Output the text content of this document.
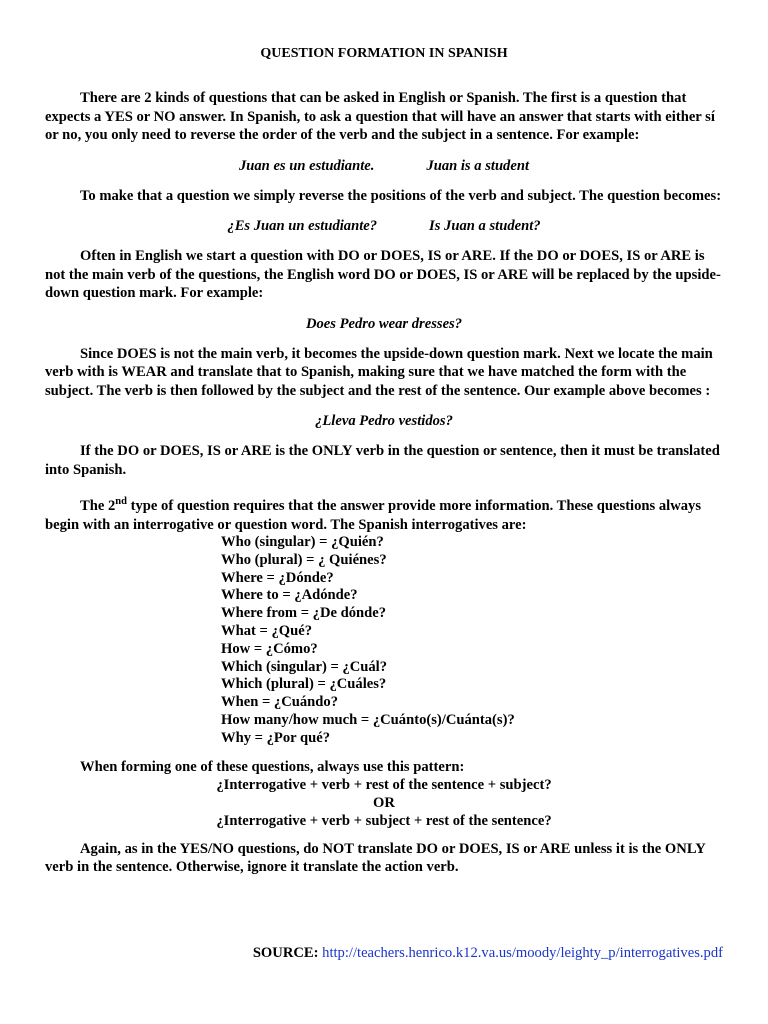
QUESTION FORMATION IN SPANISH

There are 2 kinds of questions that can be asked in English or Spanish. The first is a question that expects a YES or NO answer. In Spanish, to ask a question that will have an answer that starts with either sí or no, you only need to reverse the order of the verb and the subject in a sentence. For example:

Juan es un estudiante.	Juan is a student

To make that a question we simply reverse the positions of the verb and subject. The question becomes:

¿Es Juan un estudiante?	Is Juan a student?

Often in English we start a question with DO or DOES, IS or ARE. If the DO or DOES, IS or ARE is not the main verb of the questions, the English word DO or DOES, IS or ARE will be replaced by the upside-down question mark. For example:

Does Pedro wear dresses?

Since DOES is not the main verb, it becomes the upside-down question mark. Next we locate the main verb with is WEAR and translate that to Spanish, making sure that we have matched the form with the subject. The verb is then followed by the subject and the rest of the sentence. Our example above becomes :

¿Lleva Pedro vestidos?

If the DO or DOES, IS or ARE is the ONLY verb in the question or sentence, then it must be translated into Spanish.

The 2nd type of question requires that the answer provide more information. These questions always begin with an interrogative or question word. The Spanish interrogatives are:

Who (singular) = ¿Quién?
Who (plural) = ¿ Quiénes?
Where = ¿Dónde?
Where to = ¿Adónde?
Where from = ¿De dónde?
What = ¿Qué?
How = ¿Cómo?
Which (singular) = ¿Cuál?
Which (plural) = ¿Cuáles?
When = ¿Cuándo?
How many/how much = ¿Cuánto(s)/Cuánta(s)?
Why = ¿Por qué?

When forming one of these questions, always use this pattern:

¿Interrogative + verb + rest of the sentence + subject?
OR
¿Interrogative + verb + subject + rest of the sentence?

Again, as in the YES/NO questions, do NOT translate DO or DOES, IS or ARE unless it is the ONLY verb in the sentence. Otherwise, ignore it translate the action verb.

SOURCE: http://teachers.henrico.k12.va.us/moody/leighty_p/interrogatives.pdf
